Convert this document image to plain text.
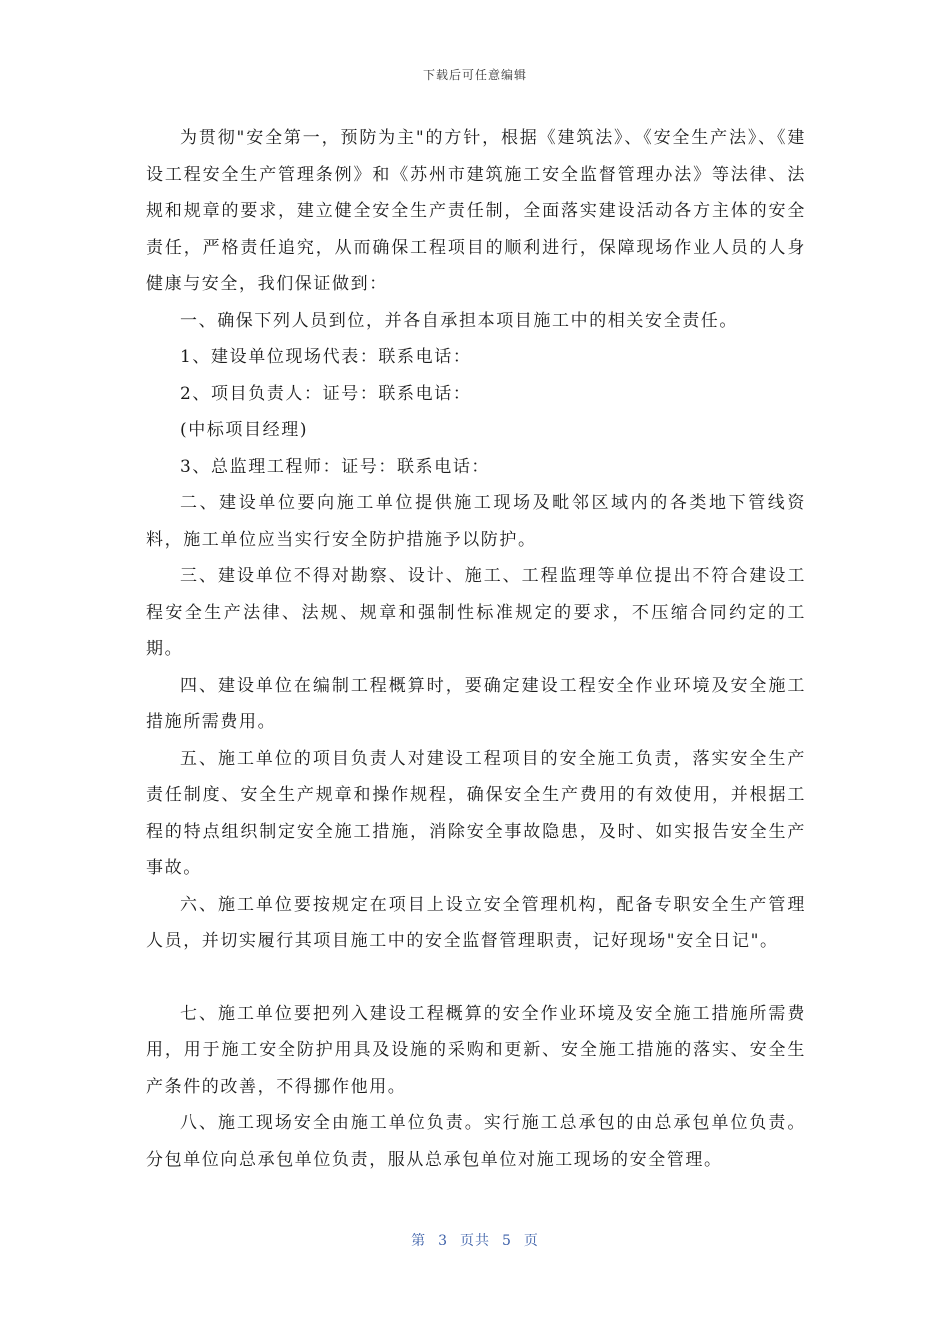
下载后可任意编辑

为贯彻"安全第一，预防为主"的方针，根据《建筑法》、《安全生产法》、《建设工程安全生产管理条例》和《苏州市建筑施工安全监督管理办法》等法律、法规和规章的要求，建立健全安全生产责任制，全面落实建设活动各方主体的安全责任，严格责任追究，从而确保工程项目的顺利进行，保障现场作业人员的人身健康与安全，我们保证做到：

一、确保下列人员到位，并各自承担本项目施工中的相关安全责任。

1、建设单位现场代表：联系电话：

2、项目负责人：证号：联系电话：

(中标项目经理)

3、总监理工程师：证号：联系电话：

二、建设单位要向施工单位提供施工现场及毗邻区域内的各类地下管线资料，施工单位应当实行安全防护措施予以防护。

三、建设单位不得对勘察、设计、施工、工程监理等单位提出不符合建设工程安全生产法律、法规、规章和强制性标准规定的要求，不压缩合同约定的工期。

四、建设单位在编制工程概算时，要确定建设工程安全作业环境及安全施工措施所需费用。

五、施工单位的项目负责人对建设工程项目的安全施工负责，落实安全生产责任制度、安全生产规章和操作规程，确保安全生产费用的有效使用，并根据工程的特点组织制定安全施工措施，消除安全事故隐患，及时、如实报告安全生产事故。

六、施工单位要按规定在项目上设立安全管理机构，配备专职安全生产管理人员，并切实履行其项目施工中的安全监督管理职责，记好现场"安全日记"。

七、施工单位要把列入建设工程概算的安全作业环境及安全施工措施所需费用，用于施工安全防护用具及设施的采购和更新、安全施工措施的落实、安全生产条件的改善，不得挪作他用。

八、施工现场安全由施工单位负责。实行施工总承包的由总承包单位负责。分包单位向总承包单位负责，服从总承包单位对施工现场的安全管理。

第 3 页共 5 页
